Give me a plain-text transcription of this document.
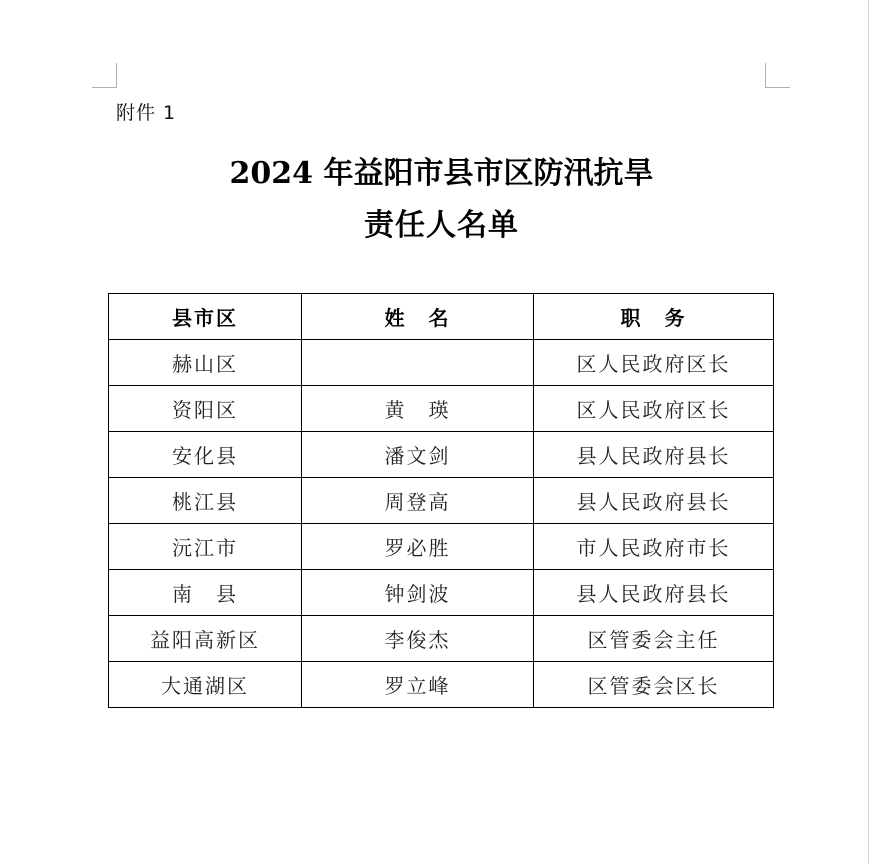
附件 1
2024 年益阳市县市区防汛抗旱
责任人名单
县市区	姓　名	职　务
赫山区		区人民政府区长
资阳区	黄　瑛	区人民政府区长
安化县	潘文剑	县人民政府县长
桃江县	周登高	县人民政府县长
沅江市	罗必胜	市人民政府市长
南　县	钟剑波	县人民政府县长
益阳高新区	李俊杰	区管委会主任
大通湖区	罗立峰	区管委会区长
